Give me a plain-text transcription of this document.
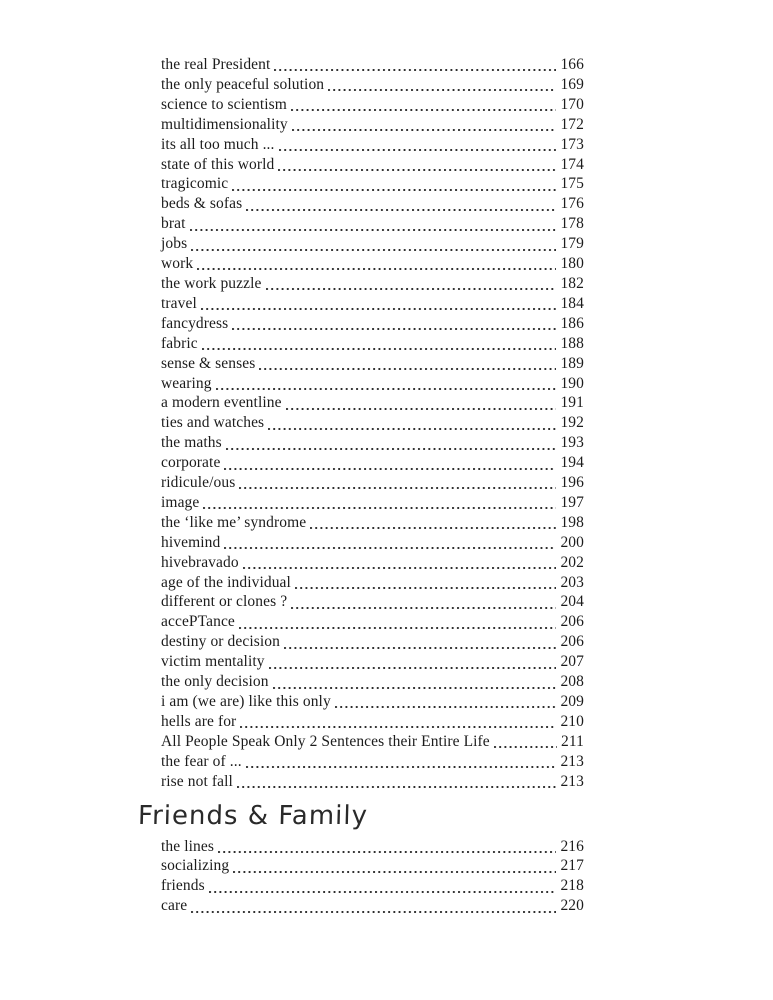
the real President	166
the only peaceful solution	169
science to scientism	170
multidimensionality	172
its all too much ...	173
state of this world	174
tragicomic	175
beds & sofas	176
brat	178
jobs	179
work	180
the work puzzle	182
travel	184
fancydress	186
fabric	188
sense & senses	189
wearing	190
a modern eventline	191
ties and watches	192
the maths	193
corporate	194
ridicule/ous	196
image	197
the ‘like me’ syndrome	198
hivemind	200
hivebravado	202
age of the individual	203
different or clones ?	204
accePTance	206
destiny or decision	206
victim mentality	207
the only decision	208
i am (we are) like this only	209
hells are for	210
All People Speak Only 2 Sentences their Entire Life	211
the fear of ...	213
rise not fall	213
Friends & Family
the lines	216
socializing	217
friends	218
care	220
